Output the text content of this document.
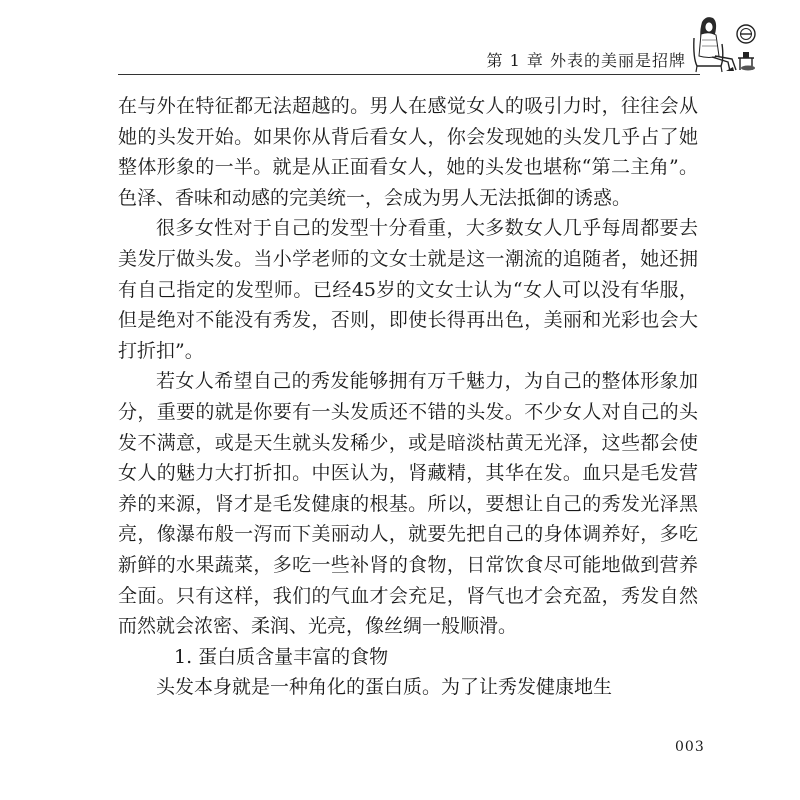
第 1 章 外表的美丽是招牌

在与外在特征都无法超越的。男人在感觉女人的吸引力时，往往会从她的头发开始。如果你从背后看女人，你会发现她的头发几乎占了她整体形象的一半。就是从正面看女人，她的头发也堪称“第二主角”。色泽、香味和动感的完美统一，会成为男人无法抵御的诱惑。

很多女性对于自己的发型十分看重，大多数女人几乎每周都要去美发厅做头发。当小学老师的文女士就是这一潮流的追随者，她还拥有自己指定的发型师。已经45岁的文女士认为“女人可以没有华服，但是绝对不能没有秀发，否则，即使长得再出色，美丽和光彩也会大打折扣”。

若女人希望自己的秀发能够拥有万千魅力，为自己的整体形象加分，重要的就是你要有一头发质还不错的头发。不少女人对自己的头发不满意，或是天生就头发稀少，或是暗淡枯黄无光泽，这些都会使女人的魅力大打折扣。中医认为，肾藏精，其华在发。血只是毛发营养的来源，肾才是毛发健康的根基。所以，要想让自己的秀发光泽黑亮，像瀑布般一泻而下美丽动人，就要先把自己的身体调养好，多吃新鲜的水果蔬菜，多吃一些补肾的食物，日常饮食尽可能地做到营养全面。只有这样，我们的气血才会充足，肾气也才会充盈，秀发自然而然就会浓密、柔润、光亮，像丝绸一般顺滑。

1. 蛋白质含量丰富的食物

头发本身就是一种角化的蛋白质。为了让秀发健康地生

003
